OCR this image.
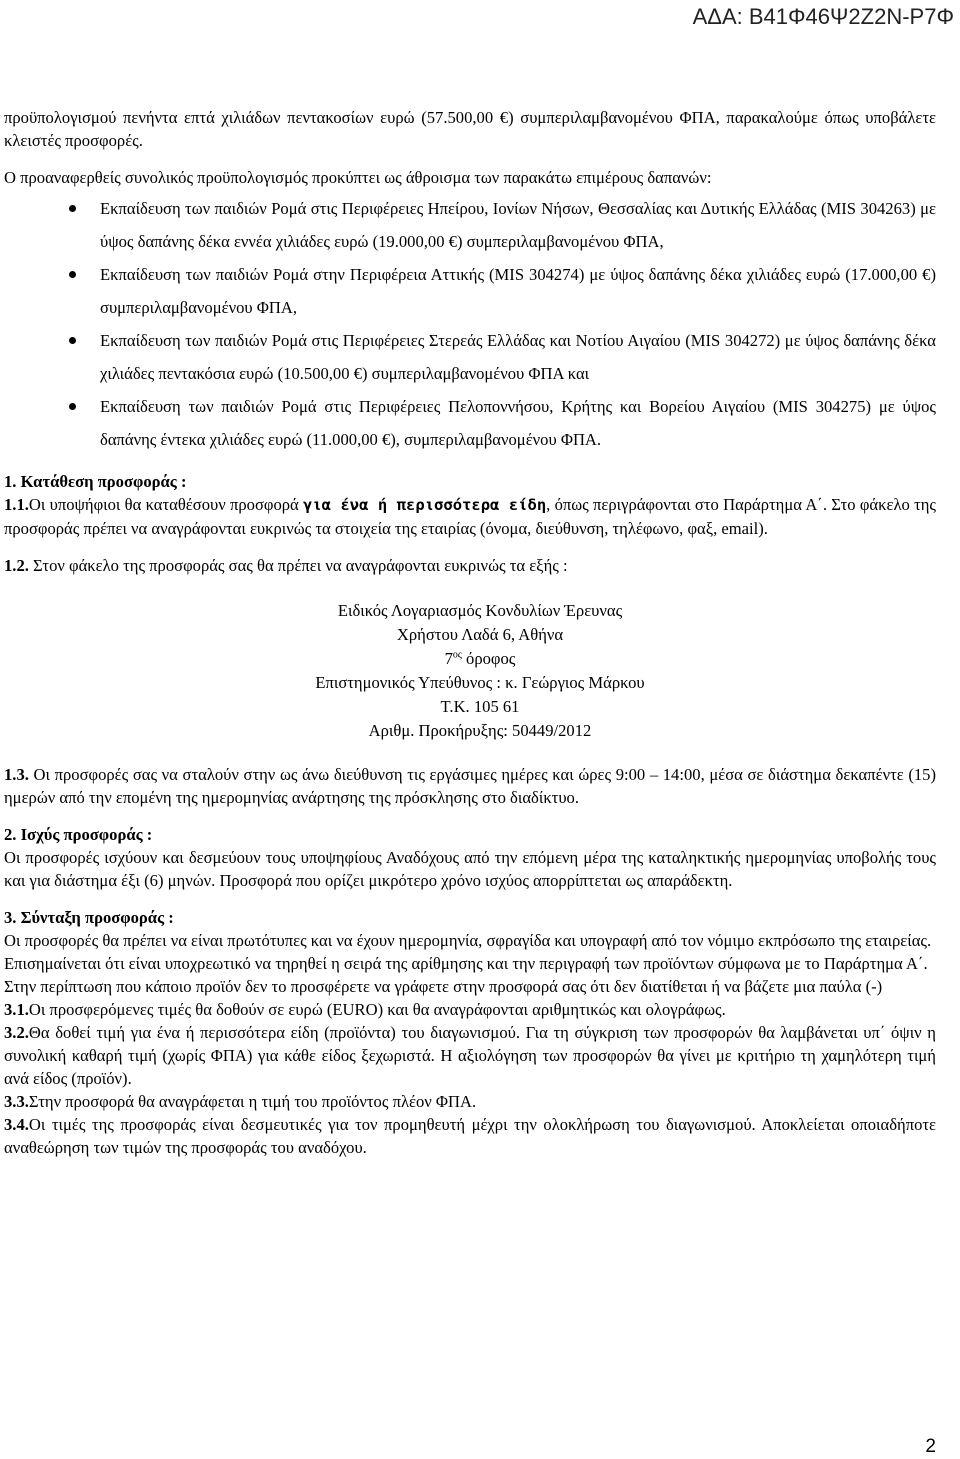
ΑΔΑ: Β41Φ46Ψ2Ζ2Ν-Ρ7Φ

προϋπολογισμού πενήντα επτά χιλιάδων πεντακοσίων ευρώ (57.500,00 €) συμπεριλαμβανομένου ΦΠΑ, παρακαλούμε όπως υποβάλετε κλειστές προσφορές.

Ο προαναφερθείς συνολικός προϋπολογισμός προκύπτει ως άθροισμα των παρακάτω επιμέρους δαπανών:

Εκπαίδευση των παιδιών Ρομά στις Περιφέρειες Ηπείρου, Ιονίων Νήσων, Θεσσαλίας και Δυτικής Ελλάδας (MIS 304263) με ύψος δαπάνης δέκα εννέα χιλιάδες ευρώ (19.000,00 €) συμπεριλαμβανομένου ΦΠΑ,
Εκπαίδευση των παιδιών Ρομά στην Περιφέρεια Αττικής (MIS 304274) με ύψος δαπάνης δέκα χιλιάδες ευρώ (17.000,00 €) συμπεριλαμβανομένου ΦΠΑ,
Εκπαίδευση των παιδιών Ρομά στις Περιφέρειες Στερεάς Ελλάδας και Νοτίου Αιγαίου (MIS 304272) με ύψος δαπάνης δέκα χιλιάδες πεντακόσια ευρώ (10.500,00 €) συμπεριλαμβανομένου ΦΠΑ και
Εκπαίδευση των παιδιών Ρομά στις Περιφέρειες Πελοποννήσου, Κρήτης και Βορείου Αιγαίου (MIS 304275) με ύψος δαπάνης έντεκα χιλιάδες ευρώ (11.000,00 €), συμπεριλαμβανομένου ΦΠΑ.

1. Κατάθεση προσφοράς :

1.1.Οι υποψήφιοι θα καταθέσουν προσφορά για ένα ή περισσότερα είδη, όπως περιγράφονται στο Παράρτημα Α΄. Στο φάκελο της προσφοράς πρέπει να αναγράφονται ευκρινώς τα στοιχεία της εταιρίας (όνομα, διεύθυνση, τηλέφωνο, φαξ, email).

1.2. Στον φάκελο της προσφοράς σας θα πρέπει να αναγράφονται ευκρινώς τα εξής :

Ειδικός Λογαριασμός Κονδυλίων Έρευνας
Χρήστου Λαδά 6, Αθήνα
$7^{o\varsigma}$ όροφος
Επιστημονικός Υπεύθυνος : κ. Γεώργιος Μάρκου
Τ.Κ. 105 61
Αριθμ. Προκήρυξης: 50449/2012

1.3. Οι προσφορές σας να σταλούν στην ως άνω διεύθυνση τις εργάσιμες ημέρες και ώρες 9:00 – 14:00, μέσα σε διάστημα δεκαπέντε (15) ημερών από την επομένη της ημερομηνίας ανάρτησης της πρόσκλησης στο διαδίκτυο.

2. Ισχύς προσφοράς :

Οι προσφορές ισχύουν και δεσμεύουν τους υποψηφίους Αναδόχους από την επόμενη μέρα της καταληκτικής ημερομηνίας υποβολής τους και για διάστημα έξι (6) μηνών. Προσφορά που ορίζει μικρότερο χρόνο ισχύος απορρίπτεται ως απαράδεκτη.

3. Σύνταξη προσφοράς :

Οι προσφορές θα πρέπει να είναι πρωτότυπες και να έχουν ημερομηνία, σφραγίδα και υπογραφή από τον νόμιμο εκπρόσωπο της εταιρείας.

Επισημαίνεται ότι είναι υποχρεωτικό να τηρηθεί η σειρά της αρίθμησης και την περιγραφή των προϊόντων σύμφωνα με το Παράρτημα Α΄.

Στην περίπτωση που κάποιο προϊόν δεν το προσφέρετε να γράφετε στην προσφορά σας ότι δεν διατίθεται ή να βάζετε μια παύλα (-)

3.1.Οι προσφερόμενες τιμές θα δοθούν σε ευρώ (EURO) και θα αναγράφονται αριθμητικώς και ολογράφως.

3.2.Θα δοθεί τιμή για ένα ή περισσότερα είδη (προϊόντα) του διαγωνισμού. Για τη σύγκριση των προσφορών θα λαμβάνεται υπ΄ όψιν η συνολική καθαρή τιμή (χωρίς ΦΠΑ) για κάθε είδος ξεχωριστά. Η αξιολόγηση των προσφορών θα γίνει με κριτήριο τη χαμηλότερη τιμή ανά είδος (προϊόν).

3.3.Στην προσφορά θα αναγράφεται η τιμή του προϊόντος πλέον ΦΠΑ.

3.4.Οι τιμές της προσφοράς είναι δεσμευτικές για τον προμηθευτή μέχρι την ολοκλήρωση του διαγωνισμού. Αποκλείεται οποιαδήποτε αναθεώρηση των τιμών της προσφοράς του αναδόχου.

2
